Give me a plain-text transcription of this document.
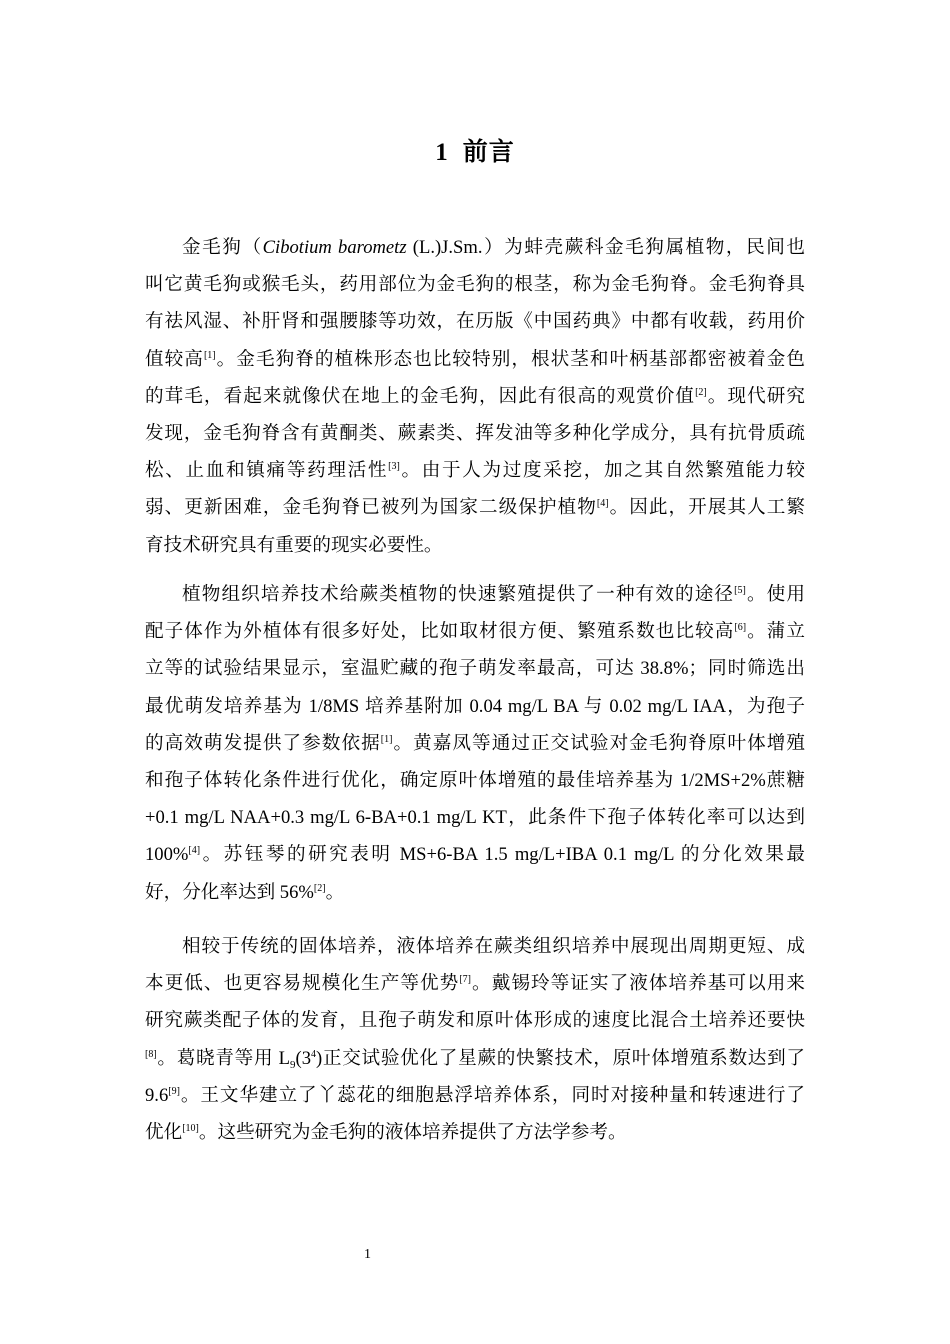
1 前言

金毛狗（Cibotium barometz (L.)J.Sm.）为蚌壳蕨科金毛狗属植物，民间也
叫它黄毛狗或猴毛头，药用部位为金毛狗的根茎，称为金毛狗脊。金毛狗脊具
有祛风湿、补肝肾和强腰膝等功效，在历版《中国药典》中都有收载，药用价
值较高[1]。金毛狗脊的植株形态也比较特别，根状茎和叶柄基部都密被着金色
的茸毛，看起来就像伏在地上的金毛狗，因此有很高的观赏价值[2]。现代研究
发现，金毛狗脊含有黄酮类、蕨素类、挥发油等多种化学成分，具有抗骨质疏
松、止血和镇痛等药理活性[3]。由于人为过度采挖，加之其自然繁殖能力较
弱、更新困难，金毛狗脊已被列为国家二级保护植物[4]。因此，开展其人工繁
育技术研究具有重要的现实必要性。

植物组织培养技术给蕨类植物的快速繁殖提供了一种有效的途径[5]。使用
配子体作为外植体有很多好处，比如取材很方便、繁殖系数也比较高[6]。蒲立
立等的试验结果显示，室温贮藏的孢子萌发率最高，可达 38.8%；同时筛选出
最优萌发培养基为 1/8MS 培养基附加 0.04 mg/L BA 与 0.02 mg/L IAA，为孢子
的高效萌发提供了参数依据[1]。黄嘉凤等通过正交试验对金毛狗脊原叶体增殖
和孢子体转化条件进行优化，确定原叶体增殖的最佳培养基为 1/2MS+2%蔗糖
+0.1 mg/L NAA+0.3 mg/L 6-BA+0.1 mg/L KT，此条件下孢子体转化率可以达到
100%[4]。苏钰琴的研究表明 MS+6-BA 1.5 mg/L+IBA 0.1 mg/L 的分化效果最
好，分化率达到 56%[2]。

相较于传统的固体培养，液体培养在蕨类组织培养中展现出周期更短、成
本更低、也更容易规模化生产等优势[7]。戴锡玲等证实了液体培养基可以用来
研究蕨类配子体的发育，且孢子萌发和原叶体形成的速度比混合土培养还要快
[8]。葛晓青等用 $L_9(3^4)$正交试验优化了星蕨的快繁技术，原叶体增殖系数达到了
9.6[9]。王文华建立了丫蕊花的细胞悬浮培养体系，同时对接种量和转速进行了
优化[10]。这些研究为金毛狗的液体培养提供了方法学参考。

1
